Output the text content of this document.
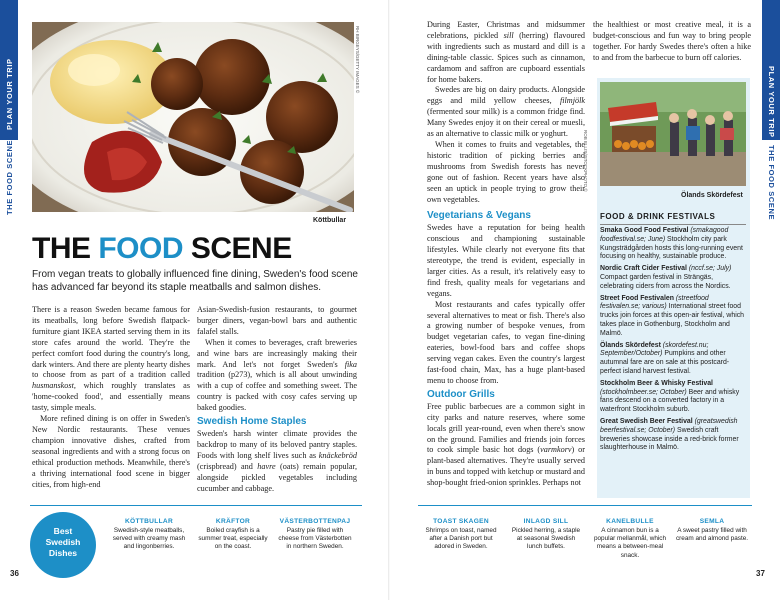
PLAN YOUR TRIP
THE FOOD SCENE
RH BIRGEYS/GETTY IMAGES ©
Köttbullar
THE FOOD SCENE
From vegan treats to globally influenced fine dining, Sweden's food scene has advanced far beyond its staple meatballs and salmon dishes.

There is a reason Sweden became famous for its meatballs, long before Swedish flatpack-furniture giant IKEA started serving them in its store cafes around the world. They're the perfect comfort food during the country's long, dark winters. And there are plenty hearty dishes to choose from as part of a tradition called husmanskost, which roughly translates as 'home-cooked food', and essentially means tasty, simple meals.

More refined dining is on offer in Sweden's New Nordic restaurants. These venues champion innovative dishes, crafted from seasonal ingredients and with a strong focus on ethical production methods. Meanwhile, there's a thriving international food scene in bigger cities, from high-end

Asian-Swedish-fusion restaurants, to gourmet burger diners, vegan-bowl bars and authentic falafel stalls.

When it comes to beverages, craft breweries and wine bars are increasingly making their mark. And let's not forget Sweden's fika tradition (p273), which is all about unwinding with a cup of coffee and something sweet. The country is packed with cosy cafes serving up baked goodies.

Swedish Home Staples

Sweden's harsh winter climate provides the backdrop to many of its beloved pantry staples. Foods with long shelf lives such as knäckebröd (crispbread) and havre (oats) remain popular, alongside pickled vegetables including cucumber and cabbage.

Best
Swedish
Dishes
KÖTTBULLAR
Swedish-style meatballs, served with creamy mash and lingonberries.
KRÄFTOR
Boiled crayfish is a summer treat, especially on the coast.
VÄSTERBOTTENPAJ
Pastry pie filled with cheese from Västerbotten in northern Sweden.
36
PLAN YOUR TRIP
THE FOOD SCENE

During Easter, Christmas and midsummer celebrations, pickled sill (herring) flavoured with ingredients such as mustard and dill is a dining-table classic. Spices such as cinnamon, cardamom and saffron are cupboard essentials for home bakers.

Swedes are big on dairy products. Alongside eggs and mild yellow cheeses, filmjölk (fermented sour milk) is a common fridge find. Many Swedes enjoy it on their cereal or muesli, as an alternative to classic milk or yoghurt.

When it comes to fruits and vegetables, the historic tradition of picking berries and mushrooms from Swedish forests has never gone out of fashion. Recent years have also seen an uptick in people trying to grow their own vegetables.

Vegetarians & Vegans

Swedes have a reputation for being health conscious and championing sustainable lifestyles. While clearly not everyone fits that stereotype, the trend is evident, especially in larger cities. As a result, it's relatively easy to find fresh, quality meals for vegetarians and vegans.

Most restaurants and cafes typically offer several alternatives to meat or fish. There's also a growing number of bespoke venues, from budget vegetarian cafes, to vegan fine-dining eateries, bowl-food bars and coffee shops serving vegan cakes. Even the country's largest fast-food chain, Max, has a huge plant-based menu to choose from.

Outdoor Grills

Free public barbecues are a common sight in city parks and nature reserves, where some locals grill year-round, even when there's snow on the ground. Families and friends join forces to cook simple basic hot dogs (varmkorv) or plant-based alternatives. They're usually served in buns and topped with ketchup or mustard and shop-bought fried-onion sprinkles. Perhaps not

the healthiest or most creative meal, it is a budget-conscious and fun way to bring people together. For hardy Swedes there's often a hike to and from the barbecue to burn off calories.

ROB ELLIS/ISTOCKPHOTO ©
37
Ölands Skördefest
FOOD & DRINK FESTIVALS
Smaka Good Food Festival (smakagood foodfestival.se; June) Stockholm city park Kungsträdgården hosts this long-running event focusing on healthy, sustainable produce.
Nordic Craft Cider Festival (nccf.se; July) Compact garden festival in Strängäs, celebrating ciders from across the Nordics.
Street Food Festivalen (streetfood festivalen.se; various) International street food trucks join forces at this open-air festival, which takes place in Gothenburg, Stockholm and Malmö.
Ölands Skördefest (skordefest.nu; September/October) Pumpkins and other autumnal fare are on sale at this postcard-perfect island harvest festival.
Stockholm Beer & Whisky Festival (stockholmbeer.se; October) Beer and whisky fans descend on a converted factory in a waterfront Stockholm suburb.
Great Swedish Beer Festival (greatswedish beerfestival.se; October) Swedish craft breweries showcase inside a red-brick former slaughterhouse in Malmö.
TOAST SKAGEN
Shrimps on toast, named after a Danish port but adored in Sweden.
INLAGD SILL
Pickled herring, a staple at seasonal Swedish lunch buffets.
KANELBULLE
A cinnamon bun is a popular mellanmål, which means a between-meal snack.
SEMLA
A sweet pastry filled with cream and almond paste.
